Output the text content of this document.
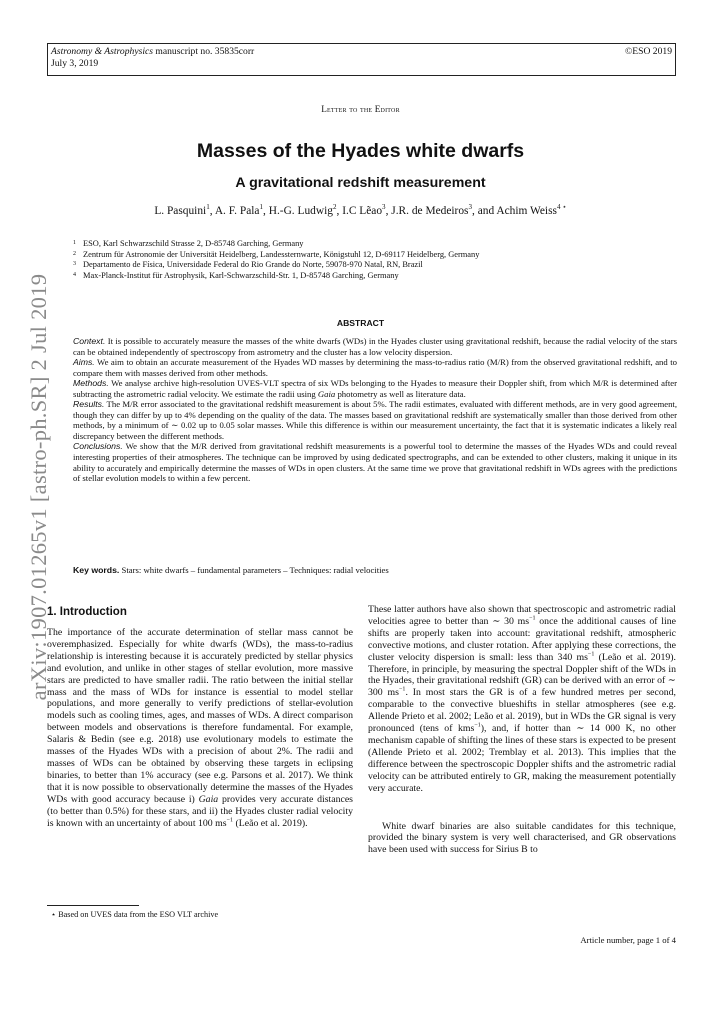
Astronomy & Astrophysics manuscript no. 35835corr
July 3, 2019
©ESO 2019
Letter to the Editor
Masses of the Hyades white dwarfs
A gravitational redshift measurement
L. Pasquini$^1$, A. F. Pala$^1$, H.-G. Ludwig$^2$, I.C Lẽao$^3$, J.R. de Medeiros$^3$, and Achim Weiss$^{4 ⋆}$
1 ESO, Karl Schwarzschild Strasse 2, D-85748 Garching, Germany
2 Zentrum für Astronomie der Universität Heidelberg, Landessternwarte, Königstuhl 12, D-69117 Heidelberg, Germany
3 Departamento de Física, Universidade Federal do Rio Grande do Norte, 59078-970 Natal, RN, Brazil
4 Max-Planck-Institut für Astrophysik, Karl-Schwarzschild-Str. 1, D-85748 Garching, Germany
ABSTRACT

Context. It is possible to accurately measure the masses of the white dwarfs (WDs) in the Hyades cluster using gravitational redshift, because the radial velocity of the stars can be obtained independently of spectroscopy from astrometry and the cluster has a low velocity dispersion.

Aims. We aim to obtain an accurate measurement of the Hyades WD masses by determining the mass-to-radius ratio (M/R) from the observed gravitational redshift, and to compare them with masses derived from other methods.

Methods. We analyse archive high-resolution UVES-VLT spectra of six WDs belonging to the Hyades to measure their Doppler shift, from which M/R is determined after subtracting the astrometric radial velocity. We estimate the radii using Gaia photometry as well as literature data.

Results. The M/R error associated to the gravitational redshift measurement is about 5%. The radii estimates, evaluated with different methods, are in very good agreement, though they can differ by up to 4% depending on the quality of the data. The masses based on gravitational redshift are systematically smaller than those derived from other methods, by a minimum of ∼ 0.02 up to 0.05 solar masses. While this difference is within our measurement uncertainty, the fact that it is systematic indicates a likely real discrepancy between the different methods.

Conclusions. We show that the M/R derived from gravitational redshift measurements is a powerful tool to determine the masses of the Hyades WDs and could reveal interesting properties of their atmospheres. The technique can be improved by using dedicated spectrographs, and can be extended to other clusters, making it unique in its ability to accurately and empirically determine the masses of WDs in open clusters. At the same time we prove that gravitational redshift in WDs agrees with the predictions of stellar evolution models to within a few percent.

Key words. Stars: white dwarfs – fundamental parameters – Techniques: radial velocities
arXiv:1907.01265v1 [astro-ph.SR] 2 Jul 2019
1. Introduction
The importance of the accurate determination of stellar mass cannot be overemphasized. Especially for white dwarfs (WDs), the mass-to-radius relationship is interesting because it is accurately predicted by stellar physics and evolution, and unlike in other stages of stellar evolution, more massive stars are predicted to have smaller radii. The ratio between the initial stellar mass and the mass of WDs for instance is essential to model stellar populations, and more generally to verify predictions of stellar-evolution models such as cooling times, ages, and masses of WDs. A direct comparison between models and observations is therefore fundamental. For example, Salaris & Bedin (see e.g. 2018) use evolutionary models to estimate the masses of the Hyades WDs with a precision of about 2%. The radii and masses of WDs can be obtained by observing these targets in eclipsing binaries, to better than 1% accuracy (see e.g. Parsons et al. 2017). We think that it is now possible to observationally determine the masses of the Hyades WDs with good accuracy because i) Gaia provides very accurate distances (to better than 0.5%) for these stars, and ii) the Hyades cluster radial velocity is known with an uncertainty of about 100 $ms^{-1}$ (Leão et al. 2019).

These latter authors have also shown that spectroscopic and astrometric radial velocities agree to better than ∼ 30 $ms^{-1}$ once the additional causes of line shifts are properly taken into account: gravitational redshift, atmospheric convective motions, and cluster rotation. After applying these corrections, the cluster velocity dispersion is small: less than 340 $ms^{-1}$ (Leão et al. 2019). Therefore, in principle, by measuring the spectral Doppler shift of the WDs in the Hyades, their gravitational redshift (GR) can be derived with an error of ∼ 300 $ms^{-1}$. In most stars the GR is of a few hundred metres per second, comparable to the convective blueshifts in stellar atmospheres (see e.g. Allende Prieto et al. 2002; Leão et al. 2019), but in WDs the GR signal is very pronounced (tens of kms$^{-1}$), and, if hotter than ∼ 14 000 K, no other mechanism capable of shifting the lines of these stars is expected to be present (Allende Prieto et al. 2002; Tremblay et al. 2013). This implies that the difference between the spectroscopic Doppler shifts and the astrometric radial velocity can be attributed entirely to GR, making the measurement potentially very accurate.

White dwarf binaries are also suitable candidates for this technique, provided the binary system is very well characterised, and GR observations have been used with success for Sirius B to

⋆ Based on UVES data from the ESO VLT archive
Article number, page 1 of 4
